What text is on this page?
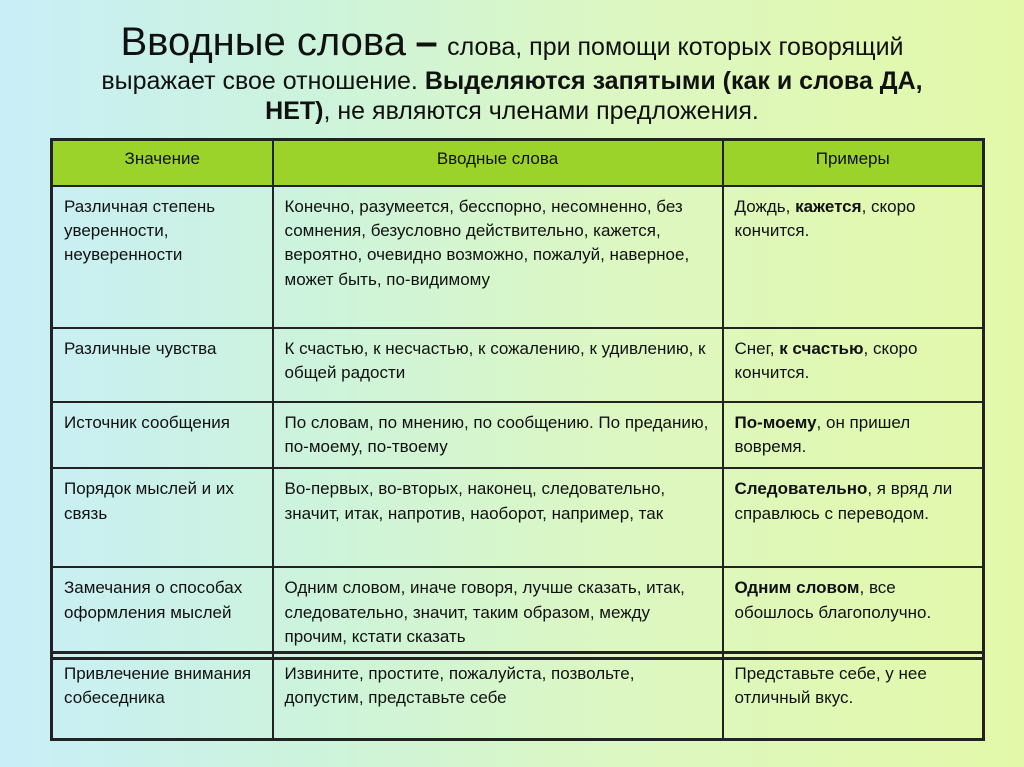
Вводные слова – слова, при помощи которых говорящий
выражает свое отношение. Выделяются запятыми (как и слова ДА,
НЕТ), не являются членами предложения.
Значение	Вводные слова	Примеры
Различная степень уверенности, неуверенности	Конечно, разумеется, бесспорно, несомненно, без сомнения, безусловно действительно, кажется, вероятно, очевидно возможно, пожалуй, наверное, может быть, по-видимому	Дождь, кажется, скоро кончится.
Различные чувства	К счастью, к несчастью, к сожалению, к удивлению, к общей радости	Снег, к счастью, скоро кончится.
Источник сообщения	По словам, по мнению, по сообщению. По преданию, по-моему, по-твоему	По-моему, он пришел вовремя.
Порядок мыслей и их связь	Во-первых, во-вторых, наконец, следовательно, значит, итак, напротив, наоборот, например, так	Следовательно, я вряд ли справлюсь с переводом.
Замечания о способах оформления мыслей	Одним словом, иначе говоря, лучше сказать, итак, следовательно, значит, таким образом, между прочим, кстати сказать	Одним словом, все обошлось благополучно.
Привлечение внимания собеседника	Извините, простите, пожалуйста, позвольте, допустим, представьте себе	Представьте себе, у нее отличный вкус.
